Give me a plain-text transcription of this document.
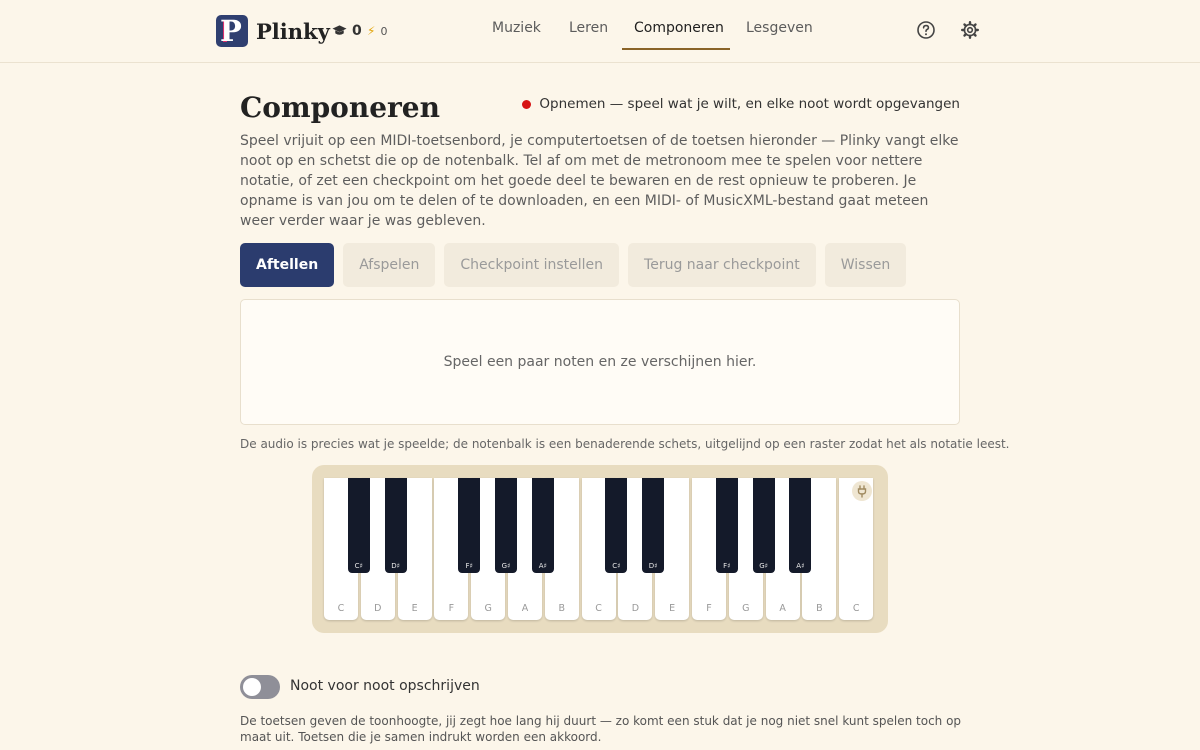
P Plinky 0 ⚡ 0	Muziek Leren Componeren Lesgeven
Componeren	Opnemen — speel wat je wilt, en elke noot wordt opgevangen

Speel vrijuit op een MIDI-toetsenbord, je computertoetsen of de toetsen hieronder — Plinky vangt elke noot op en schetst die op de notenbalk. Tel af om met de metronoom mee te spelen voor nettere notatie, of zet een checkpoint om het goede deel te bewaren en de rest opnieuw te proberen. Je opname is van jou om te delen of te downloaden, en een MIDI- of MusicXML-bestand gaat meteen weer verder waar je was gebleven.

Aftellen	Afspelen	Checkpoint instellen	Terug naar checkpoint	Wissen
Speel een paar noten en ze verschijnen hier.
De audio is precies wat je speelde; de notenbalk is een benaderende schets, uitgelijnd op een raster zodat het als notatie leest.
C	D	E	F	G	A	B	C	D	E	F	G	A	B	C
C♯	D♯	F♯	G♯	A♯	C♯	D♯	F♯	G♯	A♯
Noot voor noot opschrijven

De toetsen geven de toonhoogte, jij zegt hoe lang hij duurt — zo komt een stuk dat je nog niet snel kunt spelen toch op maat uit. Toetsen die je samen indrukt worden een akkoord.
